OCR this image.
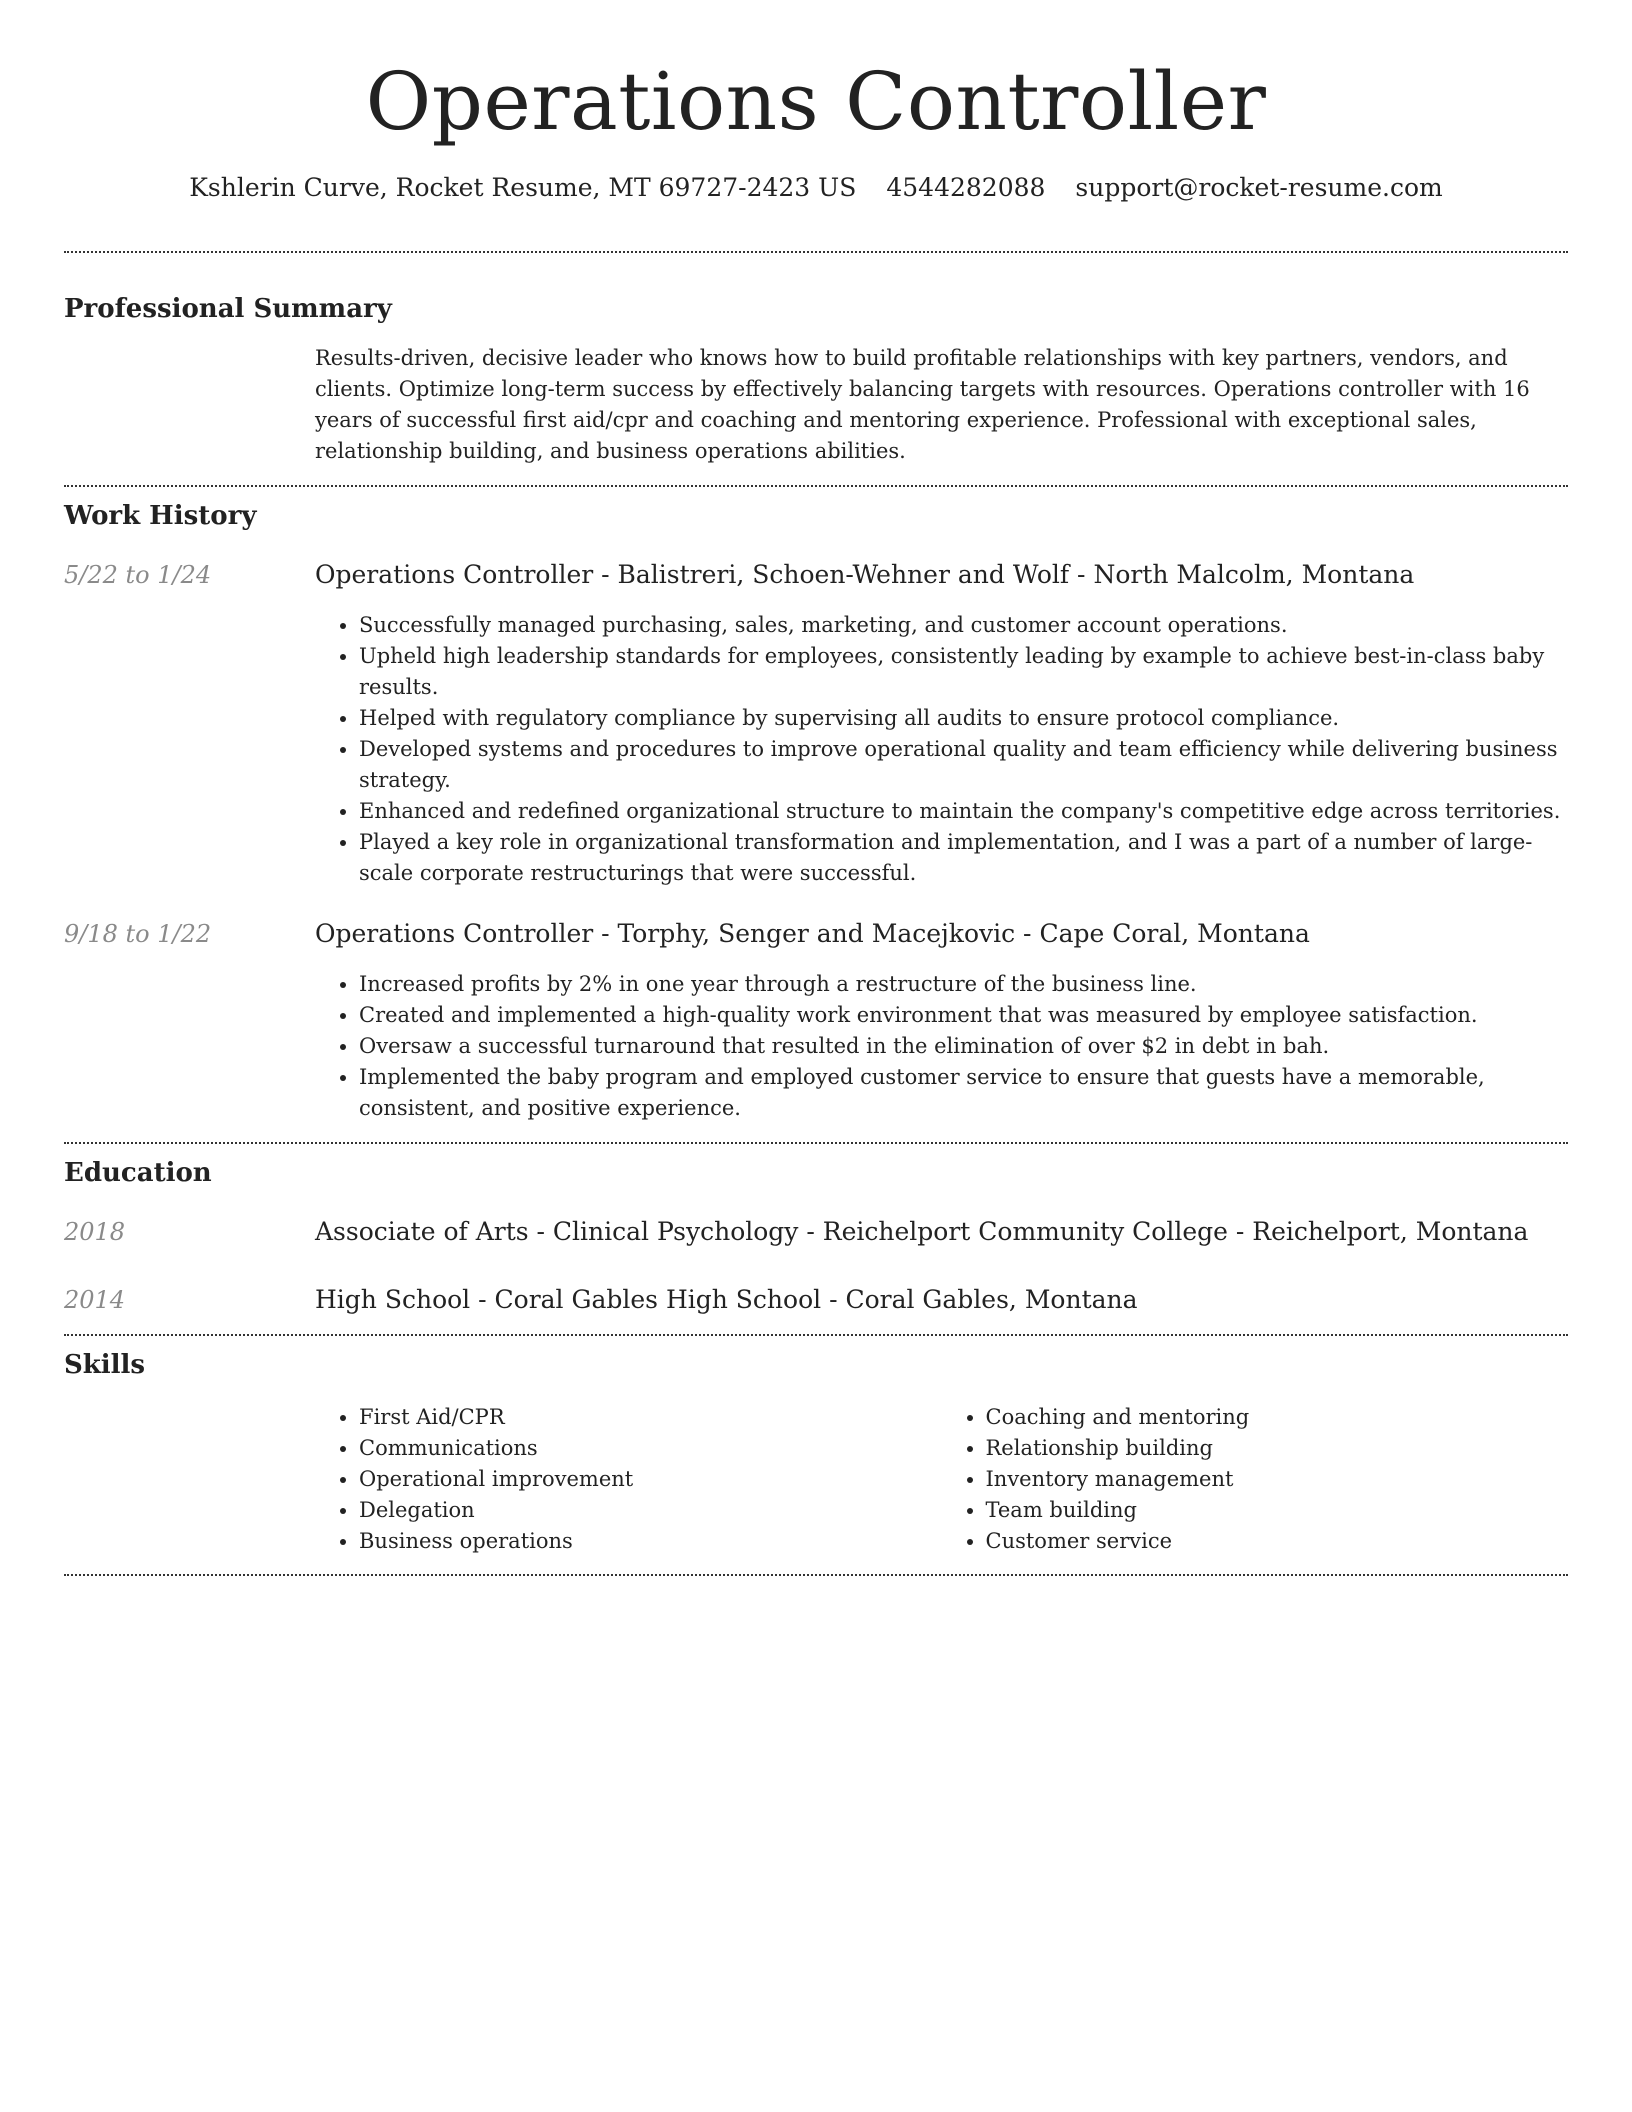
Operations Controller
Kshlerin Curve, Rocket Resume, MT 69727-2423 US 4544282088 support@rocket-resume.com
Professional Summary
Results-driven, decisive leader who knows how to build profitable relationships with key partners, vendors, and clients. Optimize long-term success by effectively balancing targets with resources. Operations controller with 16 years of successful first aid/cpr and coaching and mentoring experience. Professional with exceptional sales, relationship building, and business operations abilities.
Work History
5/22 to 1/24	Operations Controller - Balistreri, Schoen-Wehner and Wolf - North Malcolm, Montana
• Successfully managed purchasing, sales, marketing, and customer account operations.
• Upheld high leadership standards for employees, consistently leading by example to achieve best-in-class baby results.
• Helped with regulatory compliance by supervising all audits to ensure protocol compliance.
• Developed systems and procedures to improve operational quality and team efficiency while delivering business strategy.
• Enhanced and redefined organizational structure to maintain the company's competitive edge across territories.
• Played a key role in organizational transformation and implementation, and I was a part of a number of large-scale corporate restructurings that were successful.
9/18 to 1/22	Operations Controller - Torphy, Senger and Macejkovic - Cape Coral, Montana
• Increased profits by 2% in one year through a restructure of the business line.
• Created and implemented a high-quality work environment that was measured by employee satisfaction.
• Oversaw a successful turnaround that resulted in the elimination of over $2 in debt in bah.
• Implemented the baby program and employed customer service to ensure that guests have a memorable, consistent, and positive experience.
Education
2018	Associate of Arts - Clinical Psychology - Reichelport Community College - Reichelport, Montana
2014	High School - Coral Gables High School - Coral Gables, Montana
Skills
• First Aid/CPR
• Communications
• Operational improvement
• Delegation
• Business operations
• Coaching and mentoring
• Relationship building
• Inventory management
• Team building
• Customer service
